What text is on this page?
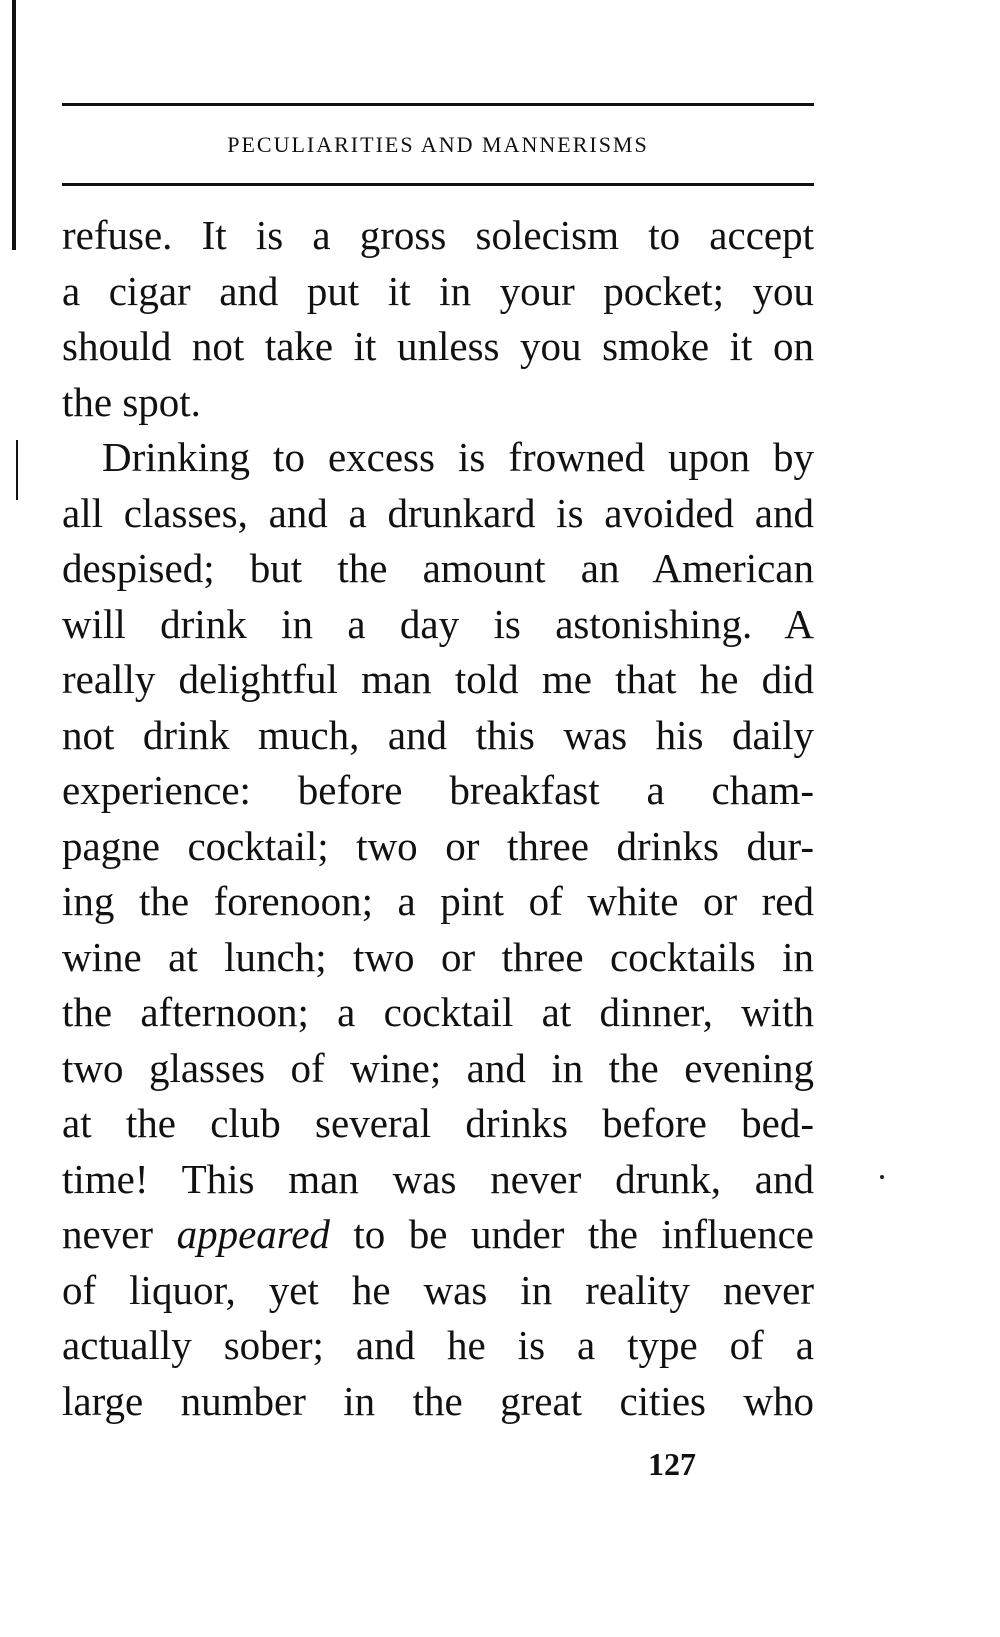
PECULIARITIES AND MANNERISMS
refuse. It is a gross solecism to accept
a cigar and put it in your pocket; you
should not take it unless you smoke it on
the spot.
Drinking to excess is frowned upon by
all classes, and a drunkard is avoided and
despised; but the amount an American
will drink in a day is astonishing. A
really delightful man told me that he did
not drink much, and this was his daily
experience: before breakfast a cham-
pagne cocktail; two or three drinks dur-
ing the forenoon; a pint of white or red
wine at lunch; two or three cocktails in
the afternoon; a cocktail at dinner, with
two glasses of wine; and in the evening
at the club several drinks before bed-
time! This man was never drunk, and
never appeared to be under the influence
of liquor, yet he was in reality never
actually sober; and he is a type of a
large number in the great cities who
127
